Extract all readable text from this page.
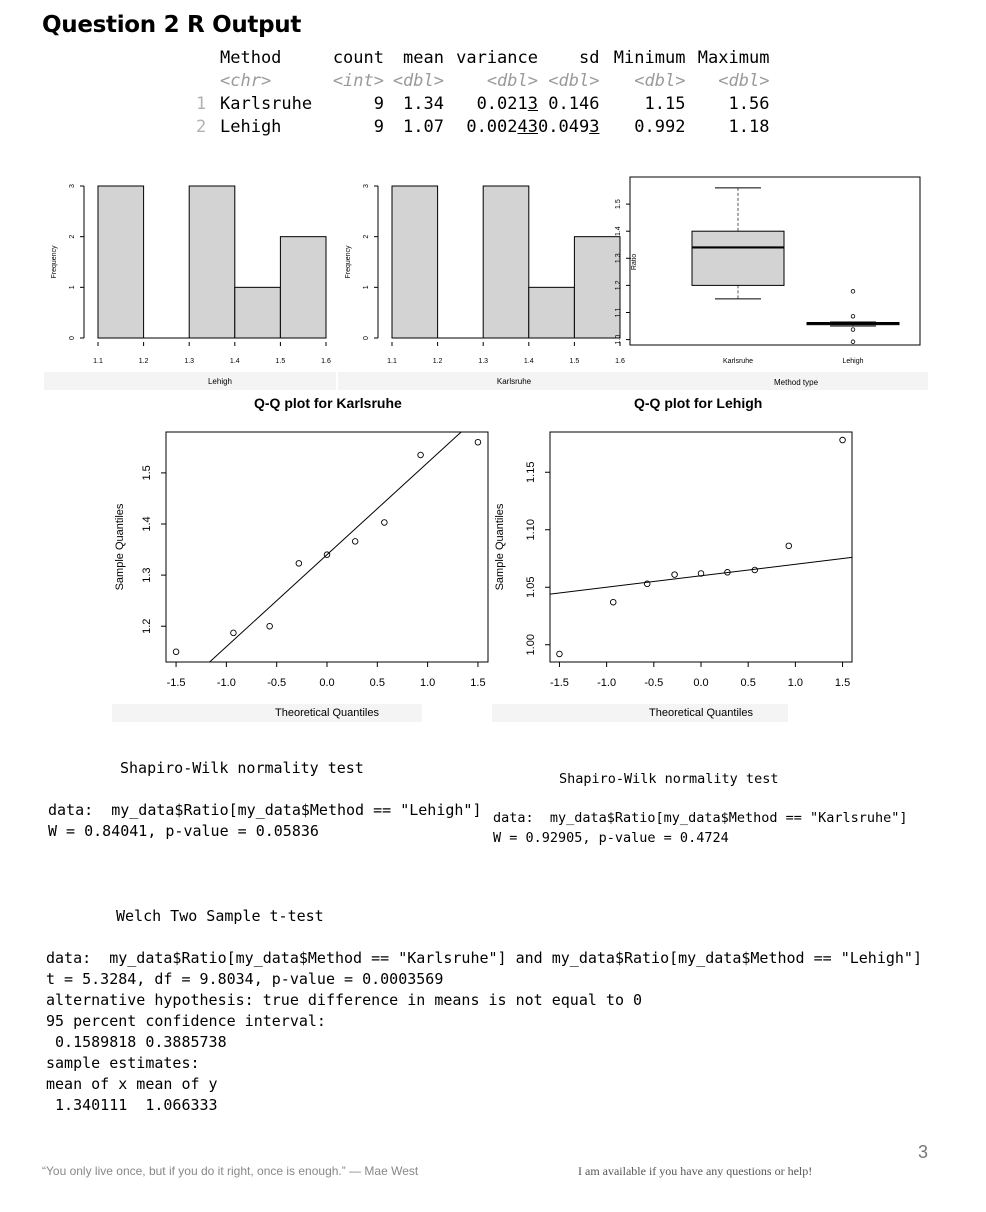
Question 2 R Output
	Method	count	mean	variance	sd	Minimum	Maximum
	<chr>	<int>	<dbl>	<dbl>	<dbl>	<dbl>	<dbl>
1	Karlsruhe	9	1.34	0.0213	0.146	1.15	1.56
2	Lehigh	9	1.07	0.00243	0.0493	0.992	1.18
0
1
2
3
1.1	1.2	1.3	1.4	1.5	1.6
Lehigh
Frequency
0
1
2
3
1.1	1.2	1.3	1.4	1.5	1.6
Karlsruhe
Frequency
Karlsruhe	Lehigh
1.0
1.1
1.2
1.3
1.4
1.5
Ratio
Method type
Q-Q plot for Karlsruhe	Q-Q plot for Lehigh
-1.5	-1.0	-0.5	0.0	0.5	1.0	1.5
1.2
1.3
1.4
1.5
Theoretical Quantiles
Sample Quantiles
-1.5	-1.0	-0.5	0.0	0.5	1.0	1.5
1.00
1.05
1.10
1.15
Theoretical Quantiles
Sample Quantiles
Shapiro-Wilk normality test
data:  my_data$Ratio[my_data$Method == "Lehigh"]
W = 0.84041, p-value = 0.05836
Shapiro-Wilk normality test
data:  my_data$Ratio[my_data$Method == "Karlsruhe"]
W = 0.92905, p-value = 0.4724
Welch Two Sample t-test
data:  my_data$Ratio[my_data$Method == "Karlsruhe"] and my_data$Ratio[my_data$Method == "Lehigh"]
t = 5.3284, df = 9.8034, p-value = 0.0003569
alternative hypothesis: true difference in means is not equal to 0
95 percent confidence interval:
0.1589818 0.3885738
sample estimates:
mean of x mean of y
1.340111  1.066333
3
“You only live once, but if you do it right, once is enough.” — Mae West	I am available if you have any questions or help!
